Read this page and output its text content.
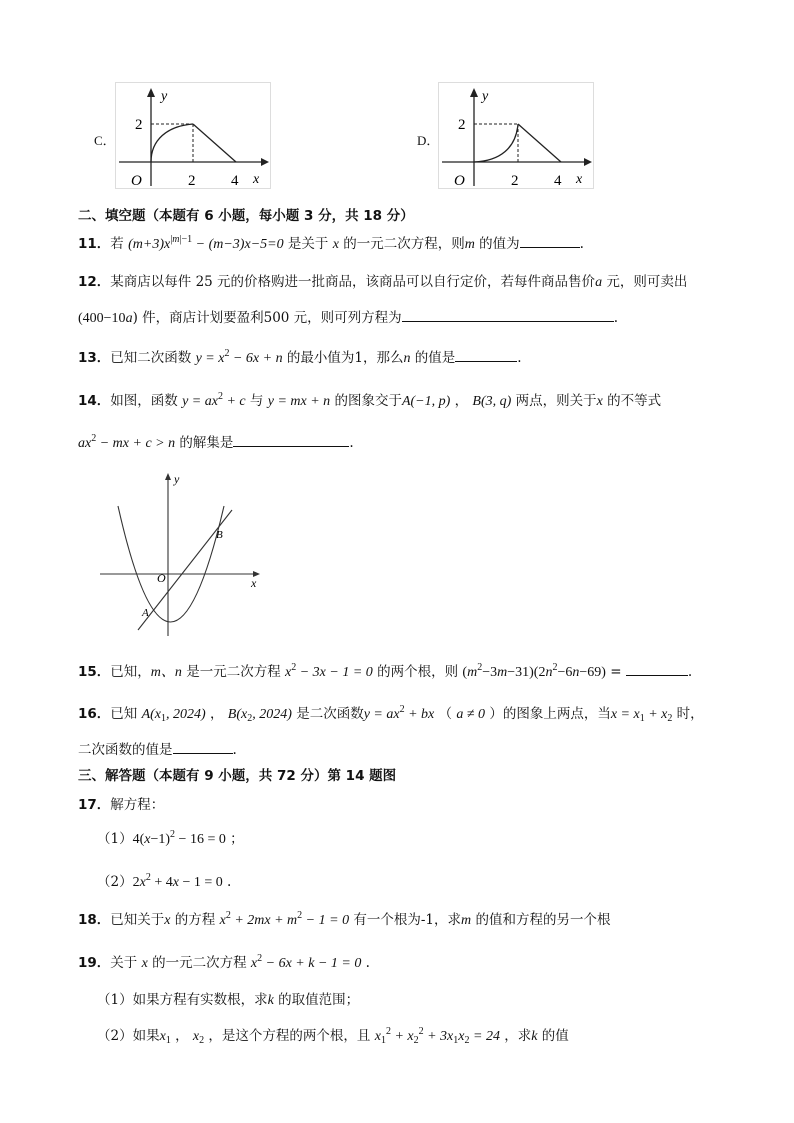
C．
y
x
O
2
2 4
D．
y
x
O
2
2 4
二、填空题（本题有 6 小题，每小题 3 分，共 18 分）
11．若 $(m+3)x^{|m|-1} - (m-3)x-5=0$ 是关于 x 的一元二次方程，则m 的值为	.
12．某商店以每件 25 元的价格购进一批商品，该商品可以自行定价，若每件商品售价a 元，则可卖出
(400−10a) 件，商店计划要盈利500 元，则可列方程为	.
13．已知二次函数 $y = x^2 - 6x + n$ 的最小值为1，那么n 的值是	.
14．如图，函数 $y = ax^2 + c$ 与 y = mx + n 的图象交于A(−1, p) ， B(3, q) 两点，则关于x 的不等式
$ax^2$ − mx + c > n 的解集是	.
y
x
O
A
B
15．已知，m、n 是一元二次方程 $x^2 - 3x - 1 = 0$ 的两个根，则 $(m^2-3m-31)(2n^2-6n-69)$ =	.
16．已知 $A(x_1$, 2024) ， $B(x_2$, 2024) 是二次函数$y = ax^2$ + bx （ a ≠ 0 ）的图象上两点，当$x = x_1 + x_2$ 时，
二次函数的值是	.
三、解答题（本题有 9 小题，共 72 分）第 14 题图
17．解方程：
$(1)4(x-1)^2 - 16 = 0$ ；
$(2)2x^2 + 4x - 1 = 0$ .
18．已知关于x 的方程 $x^2 + 2mx + m^2 - 1 = 0$ 有一个根为-1，求m 的值和方程的另一个根
19．关于 x 的一元二次方程 $x^2 - 6x + k - 1 = 0$ .
（1）如果方程有实数根，求k 的取值范围；
（2）如果$x_1$ ， $x_2$ ，是这个方程的两个根，且 $x_1^2 + x_2^2 + 3x_1x_2 = 24$ ，求k 的值
